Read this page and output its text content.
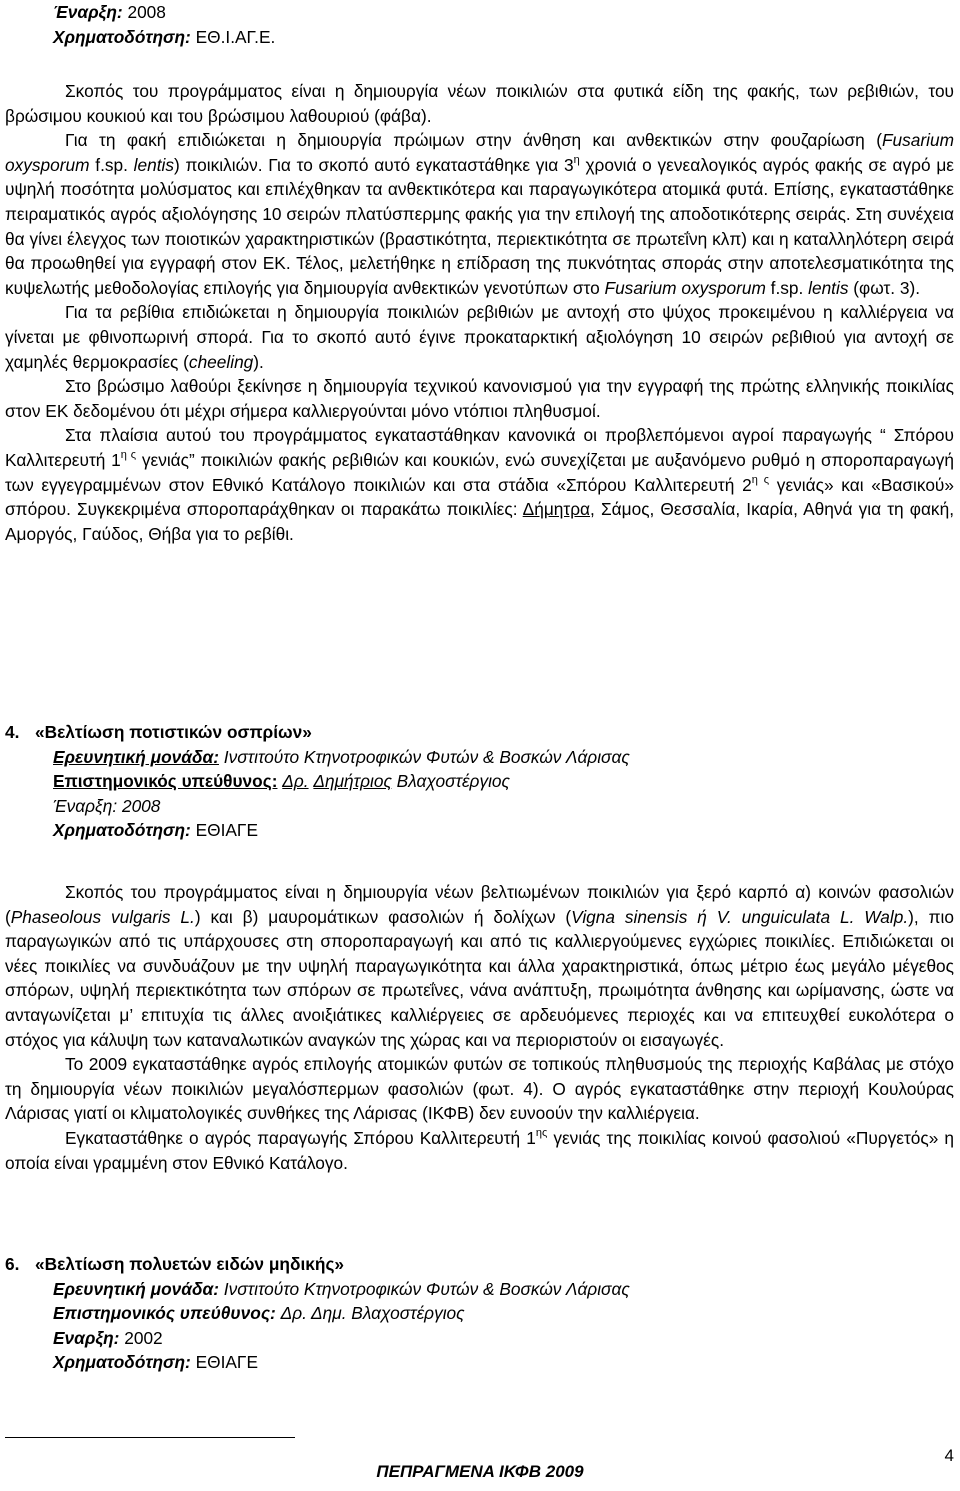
Έναρξη: 2008

Χρηματοδότηση: ΕΘ.Ι.ΑΓ.Ε.

Σκοπός του προγράμματος είναι η δημιουργία νέων ποικιλιών στα φυτικά είδη της φακής, των ρεβιθιών, του βρώσιμου κουκιού και του βρώσιμου λαθουριού (φάβα).

Για τη φακή επιδιώκεται η δημιουργία πρώιμων στην άνθηση και ανθεκτικών στην φουζαρίωση (Fusarium oxysporum f.sp. lentis) ποικιλιών. Για το σκοπό αυτό εγκαταστάθηκε για $3^\eta$ χρονιά ο γενεαλογικός αγρός φακής σε αγρό με υψηλή ποσότητα μολύσματος και επιλέχθηκαν τα ανθεκτικότερα και παραγωγικότερα ατομικά φυτά. Επίσης, εγκαταστάθηκε πειραματικός αγρός αξιολόγησης 10 σειρών πλατύσπερμης φακής για την επιλογή της αποδοτικότερης σειράς. Στη συνέχεια θα γίνει έλεγχος των ποιοτικών χαρακτηριστικών (βραστικότητα, περιεκτικότητα σε πρωτεΐνη κλπ) και η καταλληλότερη σειρά θα προωθηθεί για εγγραφή στον ΕΚ. Τέλος, μελετήθηκε η επίδραση της πυκνότητας σποράς στην αποτελεσματικότητα της κυψελωτής μεθοδολογίας επιλογής για δημιουργία ανθεκτικών γενοτύπων στο Fusarium oxysporum f.sp. lentis (φωτ. 3).

Για τα ρεβίθια επιδιώκεται η δημιουργία ποικιλιών ρεβιθιών με αντοχή στο ψύχος προκειμένου η καλλιέργεια να γίνεται με φθινοπωρινή σπορά. Για το σκοπό αυτό έγινε προκαταρκτική αξιολόγηση 10 σειρών ρεβιθιού για αντοχή σε χαμηλές θερμοκρασίες (cheeling).

Στο βρώσιμο λαθούρι ξεκίνησε η δημιουργία τεχνικού κανονισμού για την εγγραφή της πρώτης ελληνικής ποικιλίας στον ΕΚ δεδομένου ότι μέχρι σήμερα καλλιεργούνται μόνο ντόπιοι πληθυσμοί.

Στα πλαίσια αυτού του προγράμματος εγκαταστάθηκαν κανονικά οι προβλεπόμενοι αγροί παραγωγής “ Σπόρου Καλλιτερευτή $1^{\eta \varsigma}$ γενιάς” ποικιλιών φακής ρεβιθιών και κουκιών, ενώ συνεχίζεται με αυξανόμενο ρυθμό η σποροπαραγωγή των εγγεγραμμένων στον Εθνικό Κατάλογο ποικιλιών και στα στάδια «Σπόρου Καλλιτερευτή $2^{\eta \varsigma}$ γενιάς» και «Βασικού» σπόρου. Συγκεκριμένα σποροπαράχθηκαν οι παρακάτω ποικιλίες: Δήμητρα, Σάμος, Θεσσαλία, Ικαρία, Αθηνά για τη φακή, Αμοργός, Γαύδος, Θήβα για το ρεβίθι.

4. «Βελτίωση ποτιστικών οσπρίων»

Ερευνητική μονάδα: Ινστιτούτο Κτηνοτροφικών Φυτών & Βοσκών Λάρισας

Επιστημονικός υπεύθυνος: Δρ. Δημήτριος Βλαχοστέργιος

Έναρξη: 2008

Χρηματοδότηση: ΕΘΙΑΓΕ

Σκοπός του προγράμματος είναι η δημιουργία νέων βελτιωμένων ποικιλιών για ξερό καρπό α) κοινών φασολιών (Phaseolous vulgaris L.) και β) μαυρομάτικων φασολιών ή δολίχων (Vigna sinensis ή V. unguiculata L. Walp.), πιο παραγωγικών από τις υπάρχουσες στη σποροπαραγωγή και από τις καλλιεργούμενες εγχώριες ποικιλίες. Επιδιώκεται οι νέες ποικιλίες να συνδυάζουν με την υψηλή παραγωγικότητα και άλλα χαρακτηριστικά, όπως μέτριο έως μεγάλο μέγεθος σπόρων, υψηλή περιεκτικότητα των σπόρων σε πρωτεΐνες, νάνα ανάπτυξη, πρωιμότητα άνθησης και ωρίμανσης, ώστε να ανταγωνίζεται μ’ επιτυχία τις άλλες ανοιξιάτικες καλλιέργειες σε αρδευόμενες περιοχές και να επιτευχθεί ευκολότερα ο στόχος για κάλυψη των καταναλωτικών αναγκών της χώρας και να περιοριστούν οι εισαγωγές.

Το 2009 εγκαταστάθηκε αγρός επιλογής ατομικών φυτών σε τοπικούς πληθυσμούς της περιοχής Καβάλας με στόχο τη δημιουργία νέων ποικιλιών μεγαλόσπερμων φασολιών (φωτ. 4). Ο αγρός εγκαταστάθηκε στην περιοχή Κουλούρας Λάρισας γιατί οι κλιματολογικές συνθήκες της Λάρισας (ΙΚΦΒ) δεν ευνοούν την καλλιέργεια.

Εγκαταστάθηκε ο αγρός παραγωγής Σπόρου Καλλιτερευτή $1^{\eta\varsigma}$ γενιάς της ποικιλίας κοινού φασολιού «Πυργετός» η οποία είναι γραμμένη στον Εθνικό Κατάλογο.

6. «Βελτίωση πολυετών ειδών μηδικής»

Ερευνητική μονάδα: Ινστιτούτο Κτηνοτροφικών Φυτών & Βοσκών Λάρισας

Επιστημονικός υπεύθυνος: Δρ. Δημ. Βλαχοστέργιος

Εναρξη: 2002

Χρηματοδότηση: ΕΘΙΑΓΕ

4
ΠΕΠΡΑΓΜΕΝΑ ΙΚΦΒ 2009
